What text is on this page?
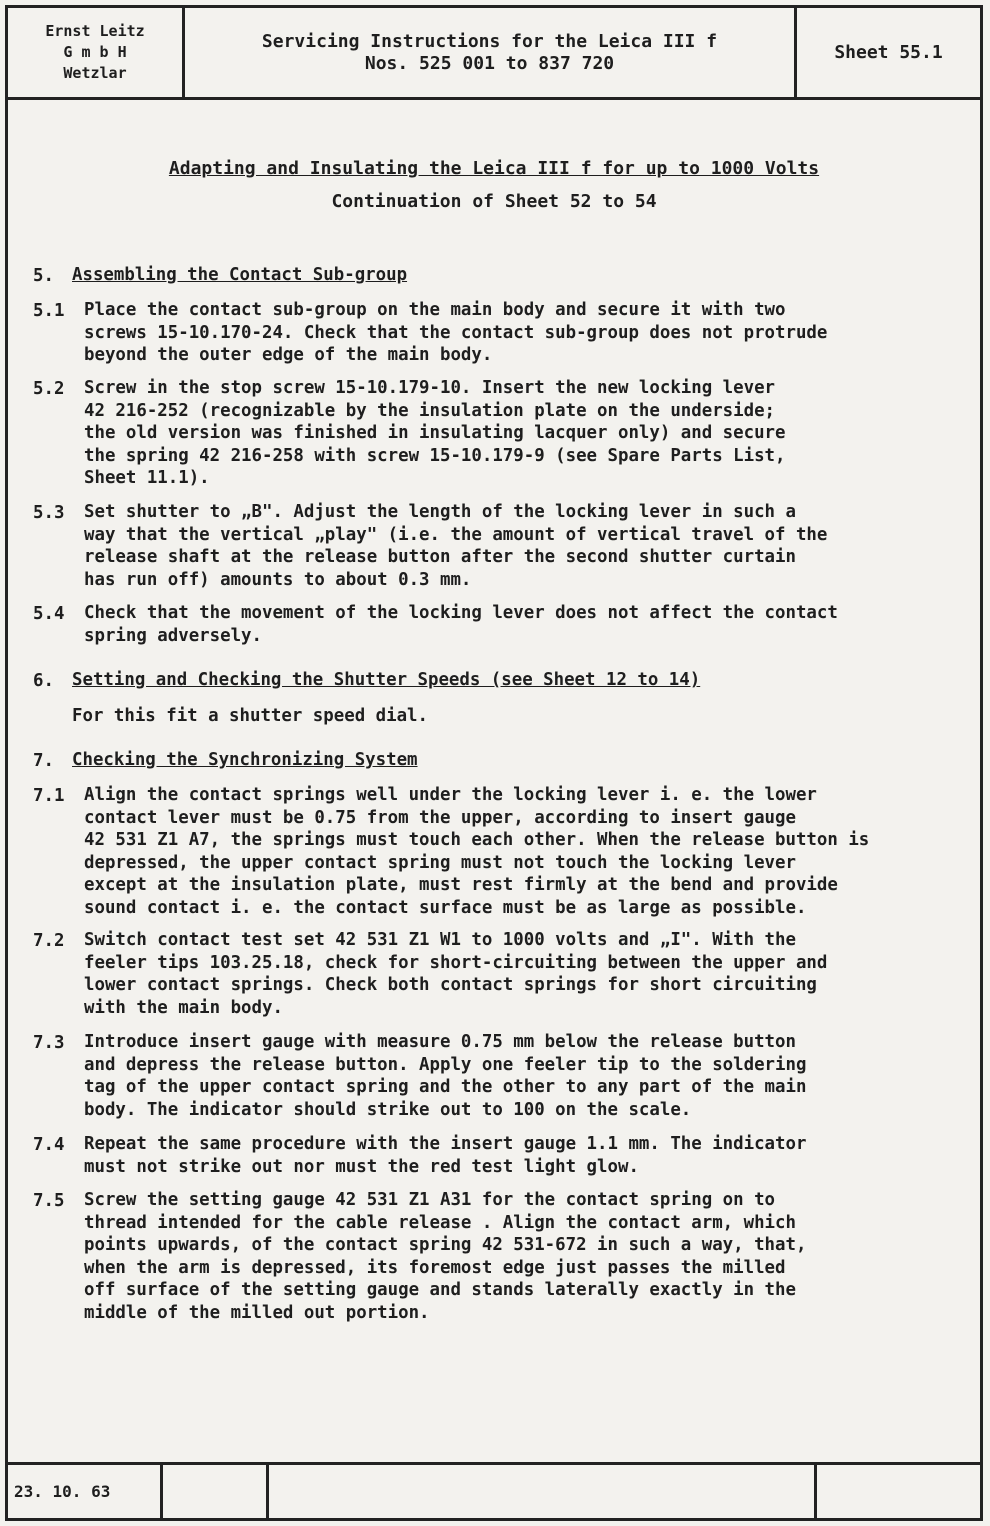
Ernst Leitz
G m b H
Wetzlar
Servicing Instructions for the Leica III f
Nos. 525 001 to 837 720	Sheet 55.1
Adapting and Insulating the Leica III f for up to 1000 Volts
Continuation of Sheet 52 to 54
5. Assembling the Contact Sub-group
5.1 Place the contact sub-group on the main body and secure it with two
screws 15-10.170-24. Check that the contact sub-group does not protrude
beyond the outer edge of the main body.
5.2 Screw in the stop screw 15-10.179-10. Insert the new locking lever
42 216-252 (recognizable by the insulation plate on the underside;
the old version was finished in insulating lacquer only) and secure
the spring 42 216-258 with screw 15-10.179-9 (see Spare Parts List,
Sheet 11.1).
5.3 Set shutter to „B". Adjust the length of the locking lever in such a
way that the vertical „play" (i.e. the amount of vertical travel of the
release shaft at the release button after the second shutter curtain
has run off) amounts to about 0.3 mm.
5.4 Check that the movement of the locking lever does not affect the contact
spring adversely.
6. Setting and Checking the Shutter Speeds (see Sheet 12 to 14)
For this fit a shutter speed dial.
7. Checking the Synchronizing System
7.1 Align the contact springs well under the locking lever i. e. the lower
contact lever must be 0.75 from the upper, according to insert gauge
42 531 Z1 A7, the springs must touch each other. When the release button is
depressed, the upper contact spring must not touch the locking lever
except at the insulation plate, must rest firmly at the bend and provide
sound contact i. e. the contact surface must be as large as possible.
7.2 Switch contact test set 42 531 Z1 W1 to 1000 volts and „I". With the
feeler tips 103.25.18, check for short-circuiting between the upper and
lower contact springs. Check both contact springs for short circuiting
with the main body.
7.3 Introduce insert gauge with measure 0.75 mm below the release button
and depress the release button. Apply one feeler tip to the soldering
tag of the upper contact spring and the other to any part of the main
body. The indicator should strike out to 100 on the scale.
7.4 Repeat the same procedure with the insert gauge 1.1 mm. The indicator
must not strike out nor must the red test light glow.
7.5 Screw the setting gauge 42 531 Z1 A31 for the contact spring on to
thread intended for the cable release . Align the contact arm, which
points upwards, of the contact spring 42 531-672 in such a way, that,
when the arm is depressed, its foremost edge just passes the milled
off surface of the setting gauge and stands laterally exactly in the
middle of the milled out portion.
23. 10. 63
